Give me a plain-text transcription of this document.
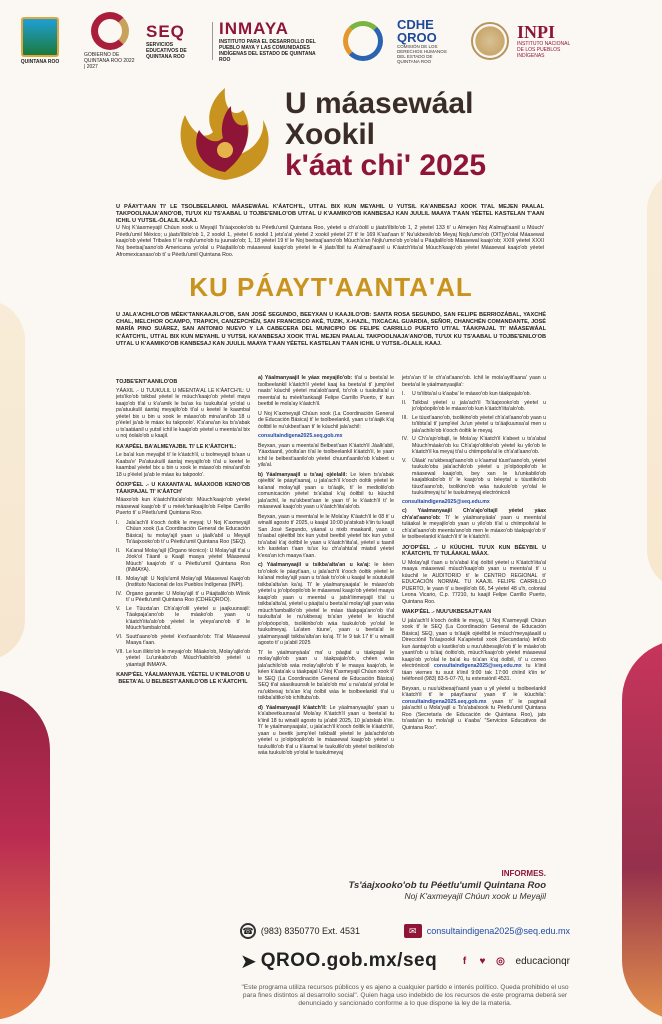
QUINTANA ROO
GOBIERNO DE QUINTANA ROO 2022 | 2027
SEQ
SERVICIOS EDUCATIVOS DE QUINTANA ROO
INMAYA
INSTITUTO PARA EL DESARROLLO DEL PUEBLO MAYA Y LAS COMUNIDADES INDÍGENAS DEL ESTADO DE QUINTANA ROO
CDHE
QROO
COMISIÓN DE LOS DERECHOS HUMANOS DEL ESTADO DE QUINTANA ROO
INPI
INSTITUTO NACIONAL DE LOS PUEBLOS INDÍGENAS
U máasewáal
Xookil
k'áat chi' 2025
U PÁAYT'AAN TI' LE TSOLBEELANKIL MÁASEWÁAL K'ÁATCH'IL, UTI'AL BIX KUN MEYAHIL U YUTSIL KA'ANBESAJ XOOK TI'AL MEJEN PAALAL TAKPOOLNAJA'ANO'OB, TU'UX KU TS'AABAL U TOJBE'ENILO'OB UTI'AL U K'AAMIKO'OB KANBESAJ KAN JUULIL MAAYA T'AAN YÉETEL KASTELAN T'AAN ICHIL U YUTSIL-ÓLALIL KAAJ.
U Noj K'áaxmeyajil Chúun xook u Meyajil Ts'áajxooko'ob tu Péetlu'umil Quintana Roo, yéetel u ch'a'óolil u jáats'ilbilo'ob 1, 2 yéetel 133 ti' u Almejen Noj A'almajt'aanil u Múuch' Péetlu'umil México; u jáats'ilbilo'ob 1, 2 xookil 1, yéetel 6 xookil 1 jets'a'al yéetel 2 xookil yéetel 27 ti' le 169 K'aat'aan ti' Nu'ukbesilo'ob Meyaj Nojlu'umo'ob (OIT)yo'olal Máasewal kaajo'ob yéetel Tribales ti' le nojlu'umo'ob tu juunalo'ob; 1, 18 yéetel 19 ti' le Noj beetsaj'aano'ob Múuch'a'an Nojlu'umo'ob yo'olal u Páajtalilo'ob Máasewal kaajo'ob; XXIII yéetel XXXI Noj beetsaj'aano'ob Americana yo'olal u Páajtalilo'ob máasewal kaajo'ob yéetel le 4 jáats'ilbil tu A'almajt'aanil u K'áatch'iita'al Múuch'kaajo'ob yéetel Máasewal kaajo'ob yéetel Afromexicanaso'ob ti' u Péetlu'umil Quintana Roo.
KU PÁAYT'AANTA'AL
U JALA'ACHILO'OB MÉEK'TANKAAJILO'OB, SAN JOSÉ SEGUNDO, BEEYXAN U KAAJILO'OB: SANTA ROSA SEGUNDO, SAN FELIPE BERRIOZÁBAL, YAXCHÉ CHAL, MELCHOR OCAMPO, TRAPICH, CANZEPCHÉN, SAN FRANCISCO AKÉ, TUZIK, X-HAZIL, TIXCACAL GUARDIA, SEÑOR, CHANCHÉN COMANDANTE, JOSÉ MARÍA PINO SUÁREZ, SAN ANTONIO NUEVO Y LA CABECERA DEL MUNICIPIO DE FELIPE CARRILLO PUERTO UTI'AL TÁAKPAJAL TI' MÁASEWÁAL K'ÁATCH'IL, UTI'AL BIX KUN MEYAHIL U YUTSIL KA'ANBESAJ XOOK TI'AL MEJEN PAALAL TAKPOOLNAJA'ANO'OB, TU'UX KU TS'AABAL U TOJBE'ENILO'OB UTI'AL U K'AAMIKO'OB KANBESAJ KAN JUULIL MAAYA T'AAN YÉETEL KASTELAN T'AAN ICHIL U YUTSIL-ÓLALIL KAAJ.
TOJBE'ENT'AANILO'OB

YÁAXIL .- U TUUKULIL U MEENTA'AL LE K'ÁATCH'IL: U jets'iko'ob tsikbal yéetel le múuch'kaajo'ob yéetel maya kaajo'ob ti'al u k'a'amik le ba'ax ku tuukulta'al yo'olal u pa'atuukulil áantaj meyajilo'ob ti'al u keetel le kaambal yéetel bix u bin u xook le máaxo'ob mina'anil'ob 18 u p'éelel ja'ab le máax ku takpoolo'. K'a'ana'an ka ts'a'abak u ts'aatáanil u yutsil ichil le kaajo'ob yéetel u meenta'al bix u noj óolalo'ob u kaajil.

KA'APÉEL BA'ALMEYAJBIL TI' LE K'ÁATCH'IL:

Le ba'al kun meyajbil ti' le k'áatch'il, u tsolmeyajil ts'aan u Kaaba'e' Pa'atuukulil áantaj meyajilo'ob ti'al u keetel le kaambal yéetel bix u bin u xook le máaxo'ob mina'anil'ob 18 u p'éelel ja'ab le máax ku takpoolo'.

ÓOXP'ÉEL .- U KAXANTA'AL MÁAXOOB KENO'OB TÁAKPAJAL TI' K'ÁATCH'

Máaxo'ob kun k'áatchi'ita'alo'ob: Múuch'kaajo'ob yéetel máasewal kaajo'ob ti' u méek'tankaajilo'ob Felipe Carrillo Puerto ti' u Péetlu'umil Quintana Roo.

I.	Jala'ach'il k'ooch óoltik le meyaj: U Noj K'axmeyajil Chúun xook (La Coordinación General de Educación Básica) tu molay'ajil yaan u jáalk'abil u Meyajil Ts'áajxooko'ob ti' u Péetlu'umil Quintana Roo (SEQ).
II.	Ka'anal Molay'ajil (Órgano técnico): U Molay'ajil ti'al u Jóok'ol Táanil u Kaajil maaya yéetel Máasewal Múuch' kaajo'ob ti' u Péetlu'umil Quintana Roo (INMAYA).
III. Molay'ajil: U Nojlu'umil Molay'ajil Máasewal Kaajo'ob (Instituto Nacional de los Pueblos Indígenas (INPI).
IV. Órgano garante: U Molay'ajil ti' u Páajtalilo'ob Wíinik ti' u Péetlu'umil Quintana Roo (CDHEQROO).
V.	Le Túuxta'an Ch'a'ajo'olil yéetel u jaajkuunsajil: Táakpaja'ano'ob le máako'ob yaan u k'áatch'iita'alo'ob yéetel le yéeya'ano'ob ti' le Múuch'tambalo'obil.
VI. Suutt'aano'ob yéetel k'ext'aanilo'ob: Ti'al Máasewal Maaya t'aan.
VII. Le kun ilikto'ob le meyajo'ob: Máako'ob, Molay'ajilo'ob yéetel Lu'unkabo'ob Múuch'kabilo'ob yéetel u yáantajil INMAYA.
KANP'ÉEL YÁALMANYAJIL YÉETEL U K'INILO'OB U BEETA'AL U BELBEST'AANILO'OB LE K'ÁATCH'IL

a) Yáalmanyaajil le yáax meyajilo'ob: ti'al u beeta'al le tsolbeelankil k'áatch'il yéetel kaaj ka beeta'al ti' jump'éel naats' kúuchil yéetel ma'alob'aanil, ts'o'ok u tuukulta'al u meenta'al tu méek'tankaajil Felipe Carrillo Puerto, ti' kun beetbil le mola'ay k'áatch'il.

U Noj K'axmeyajil Chúun xook (La Coordinación General de Educación Básica) ti' le tsolbeelankil, yaan u ts'áajik k'aj óoltbil le nu'ukbest'aan ti' le kúuchil jala'achil:

consultaindigena2025.seq.gob.mx

Beyxan, yaan u meenta'al Belbest'aan K'áatch'il Jáalk'abil, Yáaxtaanil, yóolta'an ti'al le tsolbeelankil k'áatch'il, le yaan ichil le belbest'aanilo'ob yéetel chuunt'aanilo'ob k'abeet u yila'al.

b) Yáalmanyaajil u ts'aaj ojéelalil: Le kéen ts'a'abak ojéeltik' le páayt'aanaj, u jala'ach'il k'ooch óoltik yéetel le ka'anal molay'ajil yaan u ts'áajik, ti' le mediolilo'ob comunicación yéetel ts'a'abal k'aj óoltbil tu kúuchil jala'achil, le nu'ukbest'aan le yaan ti' le k'áatch'il ti' le máasewal kaajo'ob yaan u k'áatch'iita'alo'ob.

Beyxan, yaan u meenta'al le le Mola'ay K'áatch'il le 08 ti' u winalil agosto ti' 2025, u kaajal 10:00 ja'atskab k'iin tu kaajil San José Segundo, yáanal u nixib maakanil, yaan u ts'aabal ojéeltbil bix kun yutsil beetbil yéetel bix kun yutsil ts'a'abal k'aj óoltbil le yaan u k'áatch'iita'al, yéetel u taanil ich kastelan t'aan tu'ux ku ch'a'ahta'al miatsil yéetel k'exa'an ich maaya t'aan.

c) Yáalmanyaajil u tsikba'alta'an u ka'aj: le kéen ts'o'okok le páayt'aan, u jala'ach'il k'ooch óoltik yéetel le ka'anal molay'ajil yaan u ts'áak ts'o'ok u kaajal le súutukulil tsikba'alta'an ka'aj. Ti' le yáalmanyaajala' le máaxo'ob yéetel u jo'olpóopilo'ob le máasewal kaajo'ob yéetel maaya kaajo'ob yaan u meental u jatsk'iinmeyajil ti'al u tsikba'alta'al, yéetel u páajtal u beeta'al molay'ajil yaan wáa múuch'tambalilo'ob yéetel le máax táakpaja'ano'ob ti'al tuukulta'al le nu'ukbesaj ts'a'an yéetel le kúuchil jo'olpóopo'ob, tsolikinbo'ob wáa tuukulo'ob yo'olal le tuukulmeyaj. La'aten túune', yaan u beeta'al le yáalmanyaajil tsikba'alta'an ka'aj. Ti' le 9 tak 17 ti' u winalil agosto ti' u ja'abil 2025

Ti' le yáalmanyáala' ma' u páajtal u táakpajal le molay'ajilo'ob yaan u táakpajalo'ob, chéen wáa jala'achilo'ob wáa molay'ajilo'ob ti' le maaya kaajo'ob, le kéen k'áata'ak u táakpajal U Noj K'axmeyajil Chúun xook ti' le SEQ (La Coordinación General de Educación Básica) SEQ ti'al sáasikuunsik le ba'alo'ob ma' u na'ata'al yo'olal le nu'ukbesaj ts'a'an k'aj óolbil wáa le tsolbeelankil ti'al u tsikba'altiko'ob ichiltuba'ob.

d) Yáalmanyaajil k'áatch'il: Le yáalmanyaajila' yaan u k'a'abeetkuunsa'al Mola'ay K'áatch'il yaan u beeta'al tu k'iinil 18 tu winalil agosto tu ja'abil 2025, 10 ja'atskab k'iin. Ti' le yáalmanyaajala', u jala'ach'il k'ooch óoltik le k'áatch'iil, yaan u beetik jump'éel tsikbalil yéetel le jala'achilo'ob yéetel u jo'olpóopilo'ob le máasewal kaajo'ob yéetel u tuukulilo'ob ti'al u k'áamal le tuukulilo'ob yéetel tsolikino'ob wáa tuukulo'ob yo'olal le tuukulmeyaj

jets'a'an ti' le ch'a'at'aano'ob. Ichil le mola'ayilt'aana' yaan u beeta'al le yáalmanyaajila':

I.	U ts'iibta'al u k'aaba' le máaxo'ob kun táakpajalo'ob.
II.	Tsikbal yéetel u jala'ach'il Ts'áajxooko'ob yéetel u jo'olpóopilo'ob le máaxo'ob kun k'áatch'iita'alo'ob.
III. Le túuxt'aano'ob, tsolikino'ob yéetel ch'a'at'aano'ob yaan u ts'iibta'al ti' jump'éel Ju'un yéetel u ts'áajkuunsa'al men u jala'achilo'ob k'ooch óoltik le meyaj.
IV. U Ch'a'ajo'oltajil, le Mola'ay K'áatch'il k'abeet u ts'a'abal Múuch'máako'ob ku Ch'a'ajo'oltiko'ob yéetel ku yilo'ob le k'áatch'il ka meyaj ti'al u chiimpolta'al le ch'a'at'aano'ob.
V.	Úláak' nu'ukbesajt'aano'ob u k'aamal túuxt'aano'ob, yéetel tuukulo'obu jala'achilo'ob yéetel u jo'olpóopilo'ob le máasewal kaajo'ob, bey xan le lu'unkabilo'ob kaajabkabo'ob ti' le kaajo'ob u béeytal u túuxtiko'ob túuxt'aano'ob, tsolikino'ob wáa tuukulo'ob yo'olal le tuukulmeyaj tu' le tuukulmeyaj electrónicoli

consultaindigena2025@seq.edu.mx

c) Yáalmanyaajil Ch'a'ajo'oltajil yéetel yáax ch'a'at'aano'ob: Ti' le yáalmanyáala' yaan u meenta'al tuláakal le meyajilo'ob yaan u yilo'ob ti'al u chiimpolta'al le ch'a'at'aano'ob meenta'ano'ob men le máaxo'ob táakpajo'ob ti' le tsolbeelankil k'áatch'il ti' le k'áatch'il.

JO'OP'ÉEL .- U KÚUCHIL TU'UX KUN BÉEYBIL U K'ÁATCH'IL TI' TULÁAKAL MÁAX.

U Molay'ajil t'aan u ts'a'abal k'aj óolbil yéetel u K'áatch'iita'al maaya máasewal múuch'kaajo'ob yaan u meenta'al ti' u kúuchil le AUDITORIO ti' le CENTRO REGIONAL ti' EDUCACIÓN NORMAL TU KAAJIL FELIPE CARRILLO PUERTO, le yaan ti' u beejilo'ob 66, 54 yéetel 48 u'h, colonial Leona Vicario, C.p. 77210, tu kaajil Felipe Carrillo Puerto, Quintana Roo.

WAKP'ÉEL .- NUU'UKBESAJT'AAN

U jala'ach'il k'ooch óoltik le meyaj, U Noj K'axmeyajil Chúun xook ti' le SEQ (La Coordinación General de Educación Básica) SEQ, yaan u ts'áajik ojéeltbil le múuch'meyajáaalil u Direcciónil Ts'áajxookil Ka'apéetsil xook (Secundaria) leti'ob kun áantajo'ob u kaxtiko'ob u nuu'ukbesajilo'ob ti' le máako'ob yaanti'ob u ts'áaj óoltio'ob, múuch'kaajo'ob yéetel máasewal kaajo'ob yo'olal le ba'al ku ts'a'an k'aj óolbil, ti' u correo electrónicoil consultaindigena2025@seq.edu.mx tu k'iinil táan viernes tu suut k'iinil 9:00 tak 17:00 chíinil k'iin te' teléfonoil (983) 83-5-07-70, tu extensióníl 4531.

Beyxan, u nuu'ukbesajt'aanil yaan u yil yéetel u tsolbeelankil k'áatch'il ti' le páayt'aana' yaan ti' le kúuchila': consultaindigena2025.seq.gob.mx yaan ti' le paginail jala'achil u Mola'yajil u Ts'a'abalxook tu Péetlu'umil Quintana Roo (Secretaría de Educación de Quintana Roo), jats ts'aata'an tu mola'ajil u k'aaba' "Servicios Educativos de Quintana Roo".

INFORMES.
Ts'áajxooko'ob tu Péetlu'umil Quintana Roo
Noj K'axmeyajil Chúun xook u Meyajil
☎ (983) 8350770 Ext. 4531	✉	consultaindigena2025@seq.edu.mx
➤ QROO.gob.mx/seq	f	♥	◎ educacionqr
"Este programa utiliza recursos públicos y es ajeno a cualquier partido e interés político. Queda prohibido el uso para fines distintos al desarrollo social". Quien haga uso indebido de los recursos de este programa deberá ser denunciado y sancionado conforme a lo que dispone la ley de la materia.
